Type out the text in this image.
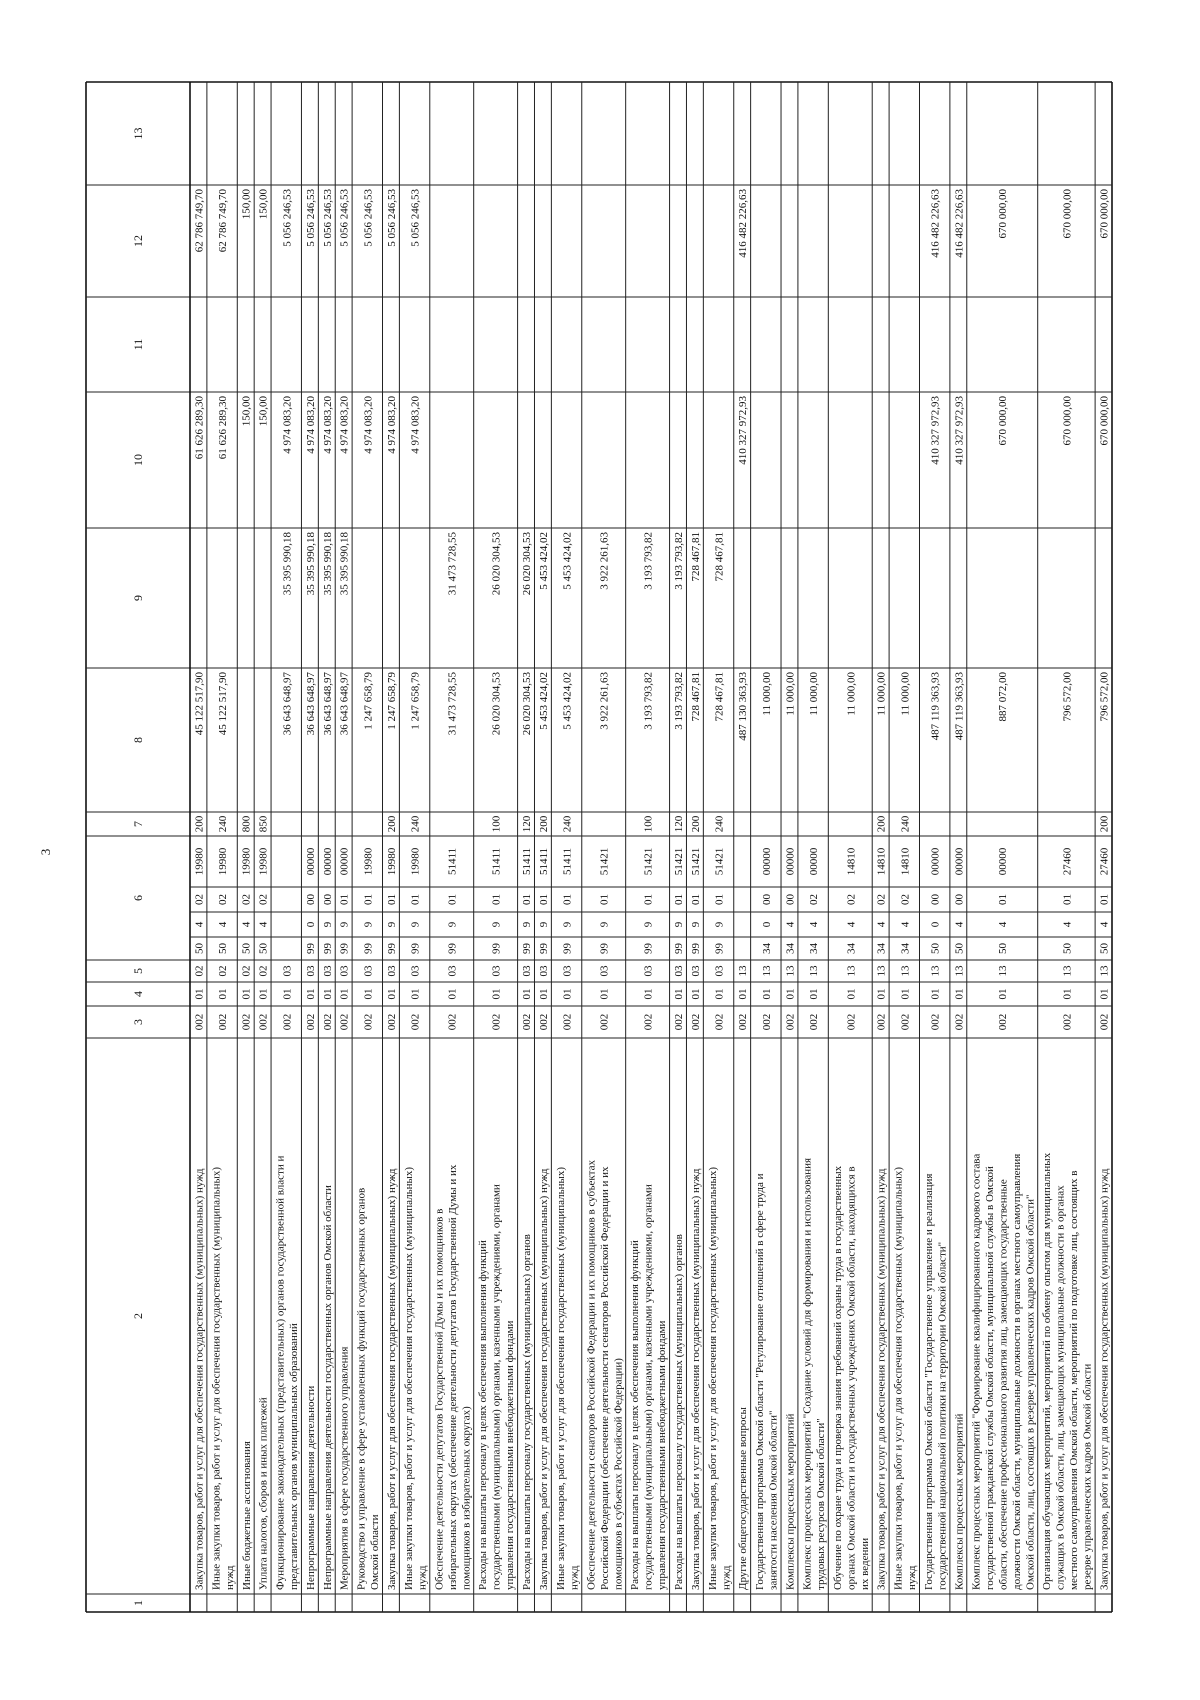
3
1
2
3
4
5
6
7
8
9
10
11
12
13
Закупка товаров, работ и услуг для обеспечения государственных (муниципальных) нужд
002
01
02
50
4
02
19980
200
45 122 517,90
61 626 289,30
62 786 749,70
Иные закупки товаров, работ и услуг для обеспечения государственных (муниципальных) нужд
002
01
02
50
4
02
19980
240
45 122 517,90
61 626 289,30
62 786 749,70
Иные бюджетные ассигнования
002
01
02
50
4
02
19980
800
150,00
150,00
Уплата налогов, сборов и иных платежей
002
01
02
50
4
02
19980
850
150,00
150,00
Функционирование законодательных (представительных) органов государственной власти и представительных органов муниципальных образований
002
01
03
36 643 648,97
35 395 990,18
4 974 083,20
5 056 246,53
Непрограммные направления деятельности
002
01
03
99
0
00
00000
36 643 648,97
35 395 990,18
4 974 083,20
5 056 246,53
Непрограммные направления деятельности государственных органов Омской области
002
01
03
99
9
00
00000
36 643 648,97
35 395 990,18
4 974 083,20
5 056 246,53
Мероприятия в сфере государственного управления
002
01
03
99
9
01
00000
36 643 648,97
35 395 990,18
4 974 083,20
5 056 246,53
Руководство и управление в сфере установленных функций государственных органов Омской области
002
01
03
99
9
01
19980
1 247 658,79
4 974 083,20
5 056 246,53
Закупка товаров, работ и услуг для обеспечения государственных (муниципальных) нужд
002
01
03
99
9
01
19980
200
1 247 658,79
4 974 083,20
5 056 246,53
Иные закупки товаров, работ и услуг для обеспечения государственных (муниципальных) нужд
002
01
03
99
9
01
19980
240
1 247 658,79
4 974 083,20
5 056 246,53
Обеспечение деятельности депутатов Государственной Думы и их помощников в избирательных округах (обеспечение деятельности депутатов Государственной Думы и их помощников в избирательных округах)
002
01
03
99
9
01
51411
31 473 728,55
31 473 728,55
Расходы на выплаты персоналу в целях обеспечения выполнения функций государственными (муниципальными) органами, казенными учреждениями, органами управления государственными внебюджетными фондами
002
01
03
99
9
01
51411
100
26 020 304,53
26 020 304,53
Расходы на выплаты персоналу государственных (муниципальных) органов
002
01
03
99
9
01
51411
120
26 020 304,53
26 020 304,53
Закупка товаров, работ и услуг для обеспечения государственных (муниципальных) нужд
002
01
03
99
9
01
51411
200
5 453 424,02
5 453 424,02
Иные закупки товаров, работ и услуг для обеспечения государственных (муниципальных) нужд
002
01
03
99
9
01
51411
240
5 453 424,02
5 453 424,02
Обеспечение деятельности сенаторов Российской Федерации и их помощников в субъектах Российской Федерации (обеспечение деятельности сенаторов Российской Федерации и их помощников в субъектах Российской Федерации)
002
01
03
99
9
01
51421
3 922 261,63
3 922 261,63
Расходы на выплаты персоналу в целях обеспечения выполнения функций государственными (муниципальными) органами, казенными учреждениями, органами управления государственными внебюджетными фондами
002
01
03
99
9
01
51421
100
3 193 793,82
3 193 793,82
Расходы на выплаты персоналу государственных (муниципальных) органов
002
01
03
99
9
01
51421
120
3 193 793,82
3 193 793,82
Закупка товаров, работ и услуг для обеспечения государственных (муниципальных) нужд
002
01
03
99
9
01
51421
200
728 467,81
728 467,81
Иные закупки товаров, работ и услуг для обеспечения государственных (муниципальных) нужд
002
01
03
99
9
01
51421
240
728 467,81
728 467,81
Другие общегосударственные вопросы
002
01
13
487 130 363,93
410 327 972,93
416 482 226,63
Государственная программа Омской области "Регулирование отношений в сфере труда и занятости населения Омской области"
002
01
13
34
0
00
00000
11 000,00
Комплексы процессных мероприятий
002
01
13
34
4
00
00000
11 000,00
Комплекс процессных мероприятий "Создание условий для формирования и использования трудовых ресурсов Омской области"
002
01
13
34
4
02
00000
11 000,00
Обучение по охране труда и проверка знания требований охраны труда в государственных органах Омской области и государственных учреждениях Омской области, находящихся в их ведении
002
01
13
34
4
02
14810
11 000,00
Закупка товаров, работ и услуг для обеспечения государственных (муниципальных) нужд
002
01
13
34
4
02
14810
200
11 000,00
Иные закупки товаров, работ и услуг для обеспечения государственных (муниципальных) нужд
002
01
13
34
4
02
14810
240
11 000,00
Государственная программа Омской области "Государственное управление и реализация государственной национальной политики на территории Омской области"
002
01
13
50
0
00
00000
487 119 363,93
410 327 972,93
416 482 226,63
Комплексы процессных мероприятий
002
01
13
50
4
00
00000
487 119 363,93
410 327 972,93
416 482 226,63
Комплекс процессных мероприятий "Формирование квалифицированного кадрового состава государственной гражданской службы Омской области, муниципальной службы в Омской области, обеспечение профессионального развития лиц, замещающих государственные должности Омской области, муниципальные должности в органах местного самоуправления Омской области, лиц, состоящих в резерве управленческих кадров Омской области"
002
01
13
50
4
01
00000
887 072,00
670 000,00
670 000,00
Организация обучающих мероприятий, мероприятий по обмену опытом для муниципальных служащих в Омской области, лиц, замещающих муниципальные должности в органах местного самоуправления Омской области, мероприятий по подготовке лиц, состоящих в резерве управленческих кадров Омской области
002
01
13
50
4
01
27460
796 572,00
670 000,00
670 000,00
Закупка товаров, работ и услуг для обеспечения государственных (муниципальных) нужд
002
01
13
50
4
01
27460
200
796 572,00
670 000,00
670 000,00
